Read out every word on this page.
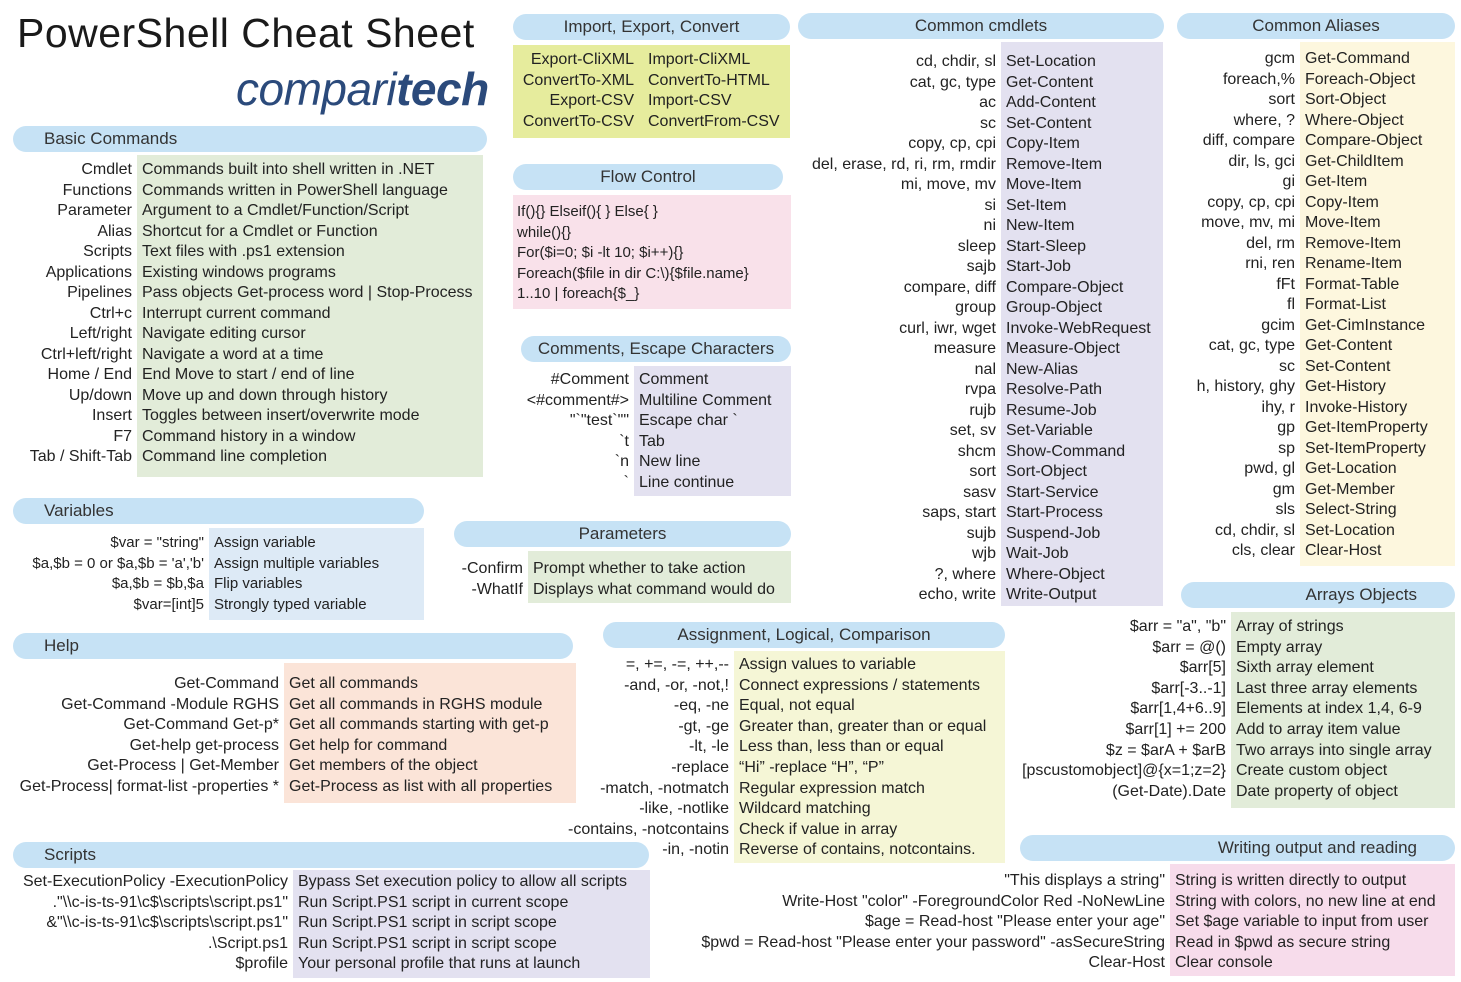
PowerShell Cheat Sheet
comparitech
Basic Commands
Variables
Help
Scripts
Import, Export, Convert
Flow Control
Comments, Escape Characters
Parameters
Common cmdlets	Common Aliases
Assignment, Logical, Comparison
Arrays Objects
Writing output and reading
Cmdlet Commands built into shell written in .NET
Functions Commands written in PowerShell language
Parameter Argument to a Cmdlet/Function/Script
Alias Shortcut for a Cmdlet or Function
Scripts Text files with .ps1 extension
Applications Existing windows programs
Pipelines Pass objects Get-process word | Stop-Process
Ctrl+c Interrupt current command
Left/right Navigate editing cursor
Ctrl+left/right Navigate a word at a time
Home / End End Move to start / end of line
Up/down Move up and down through history
Insert Toggles between insert/overwrite mode
F7 Command history in a window
Tab / Shift-Tab Command line completion
$var = "string" Assign variable
$a,$b = 0 or $a,$b = 'a','b' Assign multiple variables
$a,$b = $b,$a Flip variables
$var=[int]5 Strongly typed variable
Get-Command Get all commands
Get-Command -Module RGHS Get all commands in RGHS module
Get-Command Get-p* Get all commands starting with get-p
Get-help get-process Get help for command
Get-Process | Get-Member Get members of the object
Get-Process| format-list -properties * Get-Process as list with all properties
Set-ExecutionPolicy -ExecutionPolicy Bypass Set execution policy to allow all scripts
."\\c-is-ts-91\c$\scripts\script.ps1" Run Script.PS1 script in current scope
&"\\c-is-ts-91\c$\scripts\script.ps1" Run Script.PS1 script in script scope
.\Script.ps1 Run Script.PS1 script in script scope
$profile Your personal profile that runs at launch
Export-CliXML
ConvertTo-XML
Export-CSV
ConvertTo-CSV
Import-CliXML
ConvertTo-HTML
Import-CSV
ConvertFrom-CSV
If(){} Elseif(){ } Else{ }
while(){}
For($i=0; $i -lt 10; $i++){}
Foreach($file in dir C:\){$file.name}
1..10 | foreach{$_}
#Comment Comment
<#comment#> Multiline Comment
"`"test`"" Escape char `
`t Tab
`n New line
` Line continue
-Confirm Prompt whether to take action
-WhatIf Displays what command would do
cd, chdir, sl Set-Location
cat, gc, type Get-Content
ac Add-Content
sc Set-Content
copy, cp, cpi Copy-Item
del, erase, rd, ri, rm, rmdir Remove-Item
mi, move, mv Move-Item
si Set-Item
ni New-Item
sleep Start-Sleep
sajb Start-Job
compare, diff Compare-Object
group Group-Object
curl, iwr, wget Invoke-WebRequest
measure Measure-Object
nal New-Alias
rvpa Resolve-Path
rujb Resume-Job
set, sv Set-Variable
shcm Show-Command
sort Sort-Object
sasv Start-Service
saps, start Start-Process
sujb Suspend-Job
wjb Wait-Job
?, where Where-Object
echo, write Write-Output
gcm Get-Command
foreach,% Foreach-Object
sort Sort-Object
where, ? Where-Object
diff, compare Compare-Object
dir, ls, gci Get-ChildItem
gi Get-Item
copy, cp, cpi Copy-Item
move, mv, mi Move-Item
del, rm Remove-Item
rni, ren Rename-Item
fFt Format-Table
fl Format-List
gcim Get-CimInstance
cat, gc, type Get-Content
sc Set-Content
h, history, ghy Get-History
ihy, r Invoke-History
gp Get-ItemProperty
sp Set-ItemProperty
pwd, gl Get-Location
gm Get-Member
sls Select-String
cd, chdir, sl Set-Location
cls, clear Clear-Host
=, +=, -=, ++,-- Assign values to variable
-and, -or, -not,! Connect expressions / statements
-eq, -ne Equal, not equal
-gt, -ge Greater than, greater than or equal
-lt, -le Less than, less than or equal
-replace “Hi” -replace “H”, “P”
-match, -notmatch Regular expression match
-like, -notlike Wildcard matching
-contains, -notcontains Check if value in array
-in, -notin Reverse of contains, notcontains.
$arr = "a", "b" Array of strings
$arr = @() Empty array
$arr[5] Sixth array element
$arr[-3..-1] Last three array elements
$arr[1,4+6..9] Elements at index 1,4, 6-9
$arr[1] += 200 Add to array item value
$z = $arA + $arB Two arrays into single array
[pscustomobject]@{x=1;z=2} Create custom object
(Get-Date).Date Date property of object
"This displays a string" String is written directly to output
Write-Host "color" -ForegroundColor Red -NoNewLine String with colors, no new line at end
$age = Read-host "Please enter your age" Set $age variable to input from user
$pwd = Read-host "Please enter your password" -asSecureString Read in $pwd as secure string
Clear-Host Clear console
